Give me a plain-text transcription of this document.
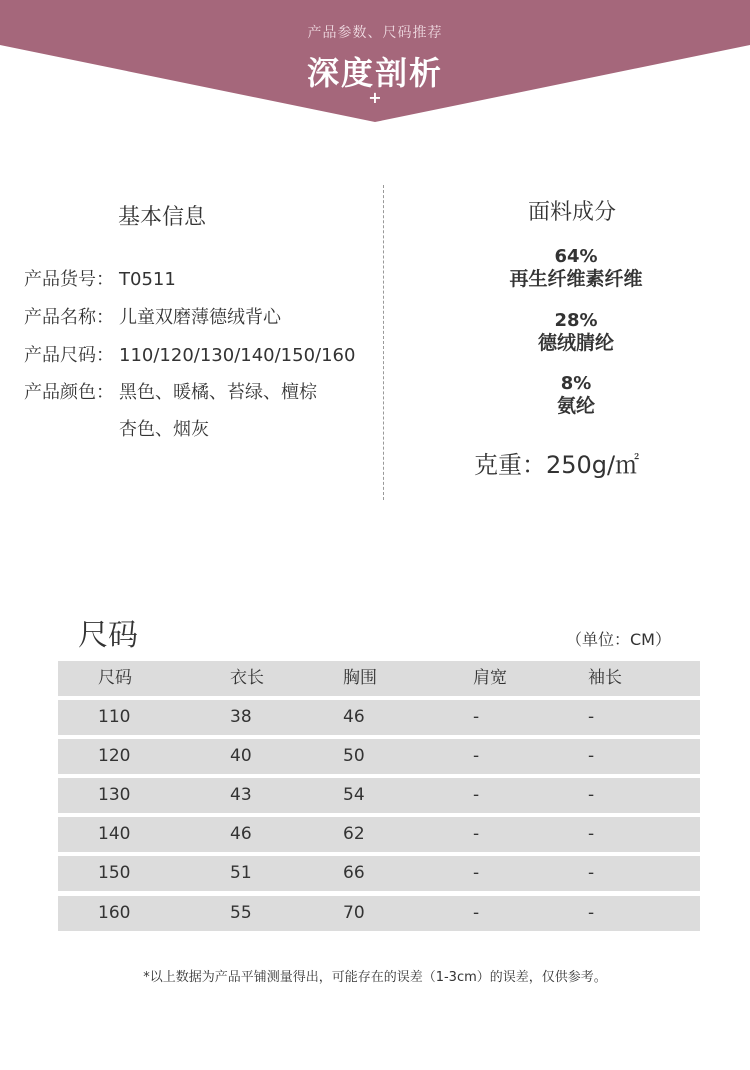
产品参数、尺码推荐
深度剖析
+
基本信息
产品货号： T0511
产品名称： 儿童双磨薄德绒背心
产品尺码： 110/120/130/140/150/160
产品颜色： 黑色、暖橘、苔绿、檀棕
杏色、烟灰
面料成分
64%
再生纤维素纤维
28%
德绒腈纶
8%
氨纶
克重：250g/㎡
尺码	（单位：CM）
尺码	衣长	胸围	肩宽	袖长
110	38	46	-	-
120	40	50	-	-
130	43	54	-	-
140	46	62	-	-
150	51	66	-	-
160	55	70	-	-
*以上数据为产品平铺测量得出，可能存在的误差（1-3cm）的误差，仅供参考。
